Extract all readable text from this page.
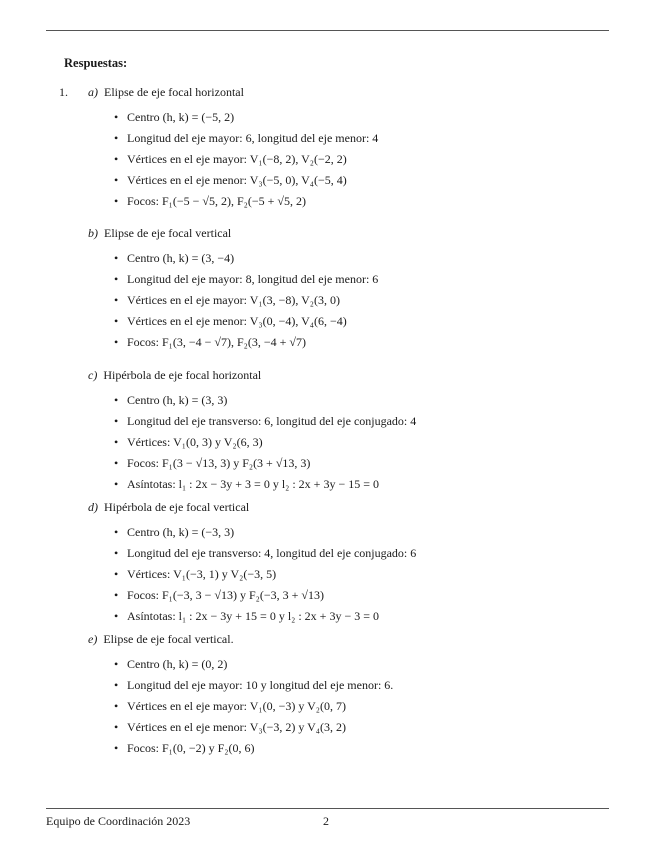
Respuestas:
1. a) Elipse de eje focal horizontal
• Centro (h, k) = (−5, 2)
• Longitud del eje mayor: 6, longitud del eje menor: 4
• Vértices en el eje mayor: V₁(−8, 2), V₂(−2, 2)
• Vértices en el eje menor: V₃(−5, 0), V₄(−5, 4)
• Focos: F₁(−5 − √5, 2), F₂(−5 + √5, 2)
b) Elipse de eje focal vertical
• Centro (h, k) = (3, −4)
• Longitud del eje mayor: 8, longitud del eje menor: 6
• Vértices en el eje mayor: V₁(3, −8), V₂(3, 0)
• Vértices en el eje menor: V₃(0, −4), V₄(6, −4)
• Focos: F₁(3, −4 − √7), F₂(3, −4 + √7)
c) Hipérbola de eje focal horizontal
• Centro (h, k) = (3, 3)
• Longitud del eje transverso: 6, longitud del eje conjugado: 4
• Vértices: V₁(0, 3) y V₂(6, 3)
• Focos: F₁(3 − √13, 3) y F₂(3 + √13, 3)
• Asíntotas: l₁ : 2x − 3y + 3 = 0 y l₂ : 2x + 3y − 15 = 0
d) Hipérbola de eje focal vertical
• Centro (h, k) = (−3, 3)
• Longitud del eje transverso: 4, longitud del eje conjugado: 6
• Vértices: V₁(−3, 1) y V₂(−3, 5)
• Focos: F₁(−3, 3 − √13) y F₂(−3, 3 + √13)
• Asíntotas: l₁ : 2x − 3y + 15 = 0 y l₂ : 2x + 3y − 3 = 0
e) Elipse de eje focal vertical.
• Centro (h, k) = (0, 2)
• Longitud del eje mayor: 10 y longitud del eje menor: 6.
• Vértices en el eje mayor: V₁(0, −3) y V₂(0, 7)
• Vértices en el eje menor: V₃(−3, 2) y V₄(3, 2)
• Focos: F₁(0, −2) y F₂(0, 6)
Equipo de Coordinación 2023	2
